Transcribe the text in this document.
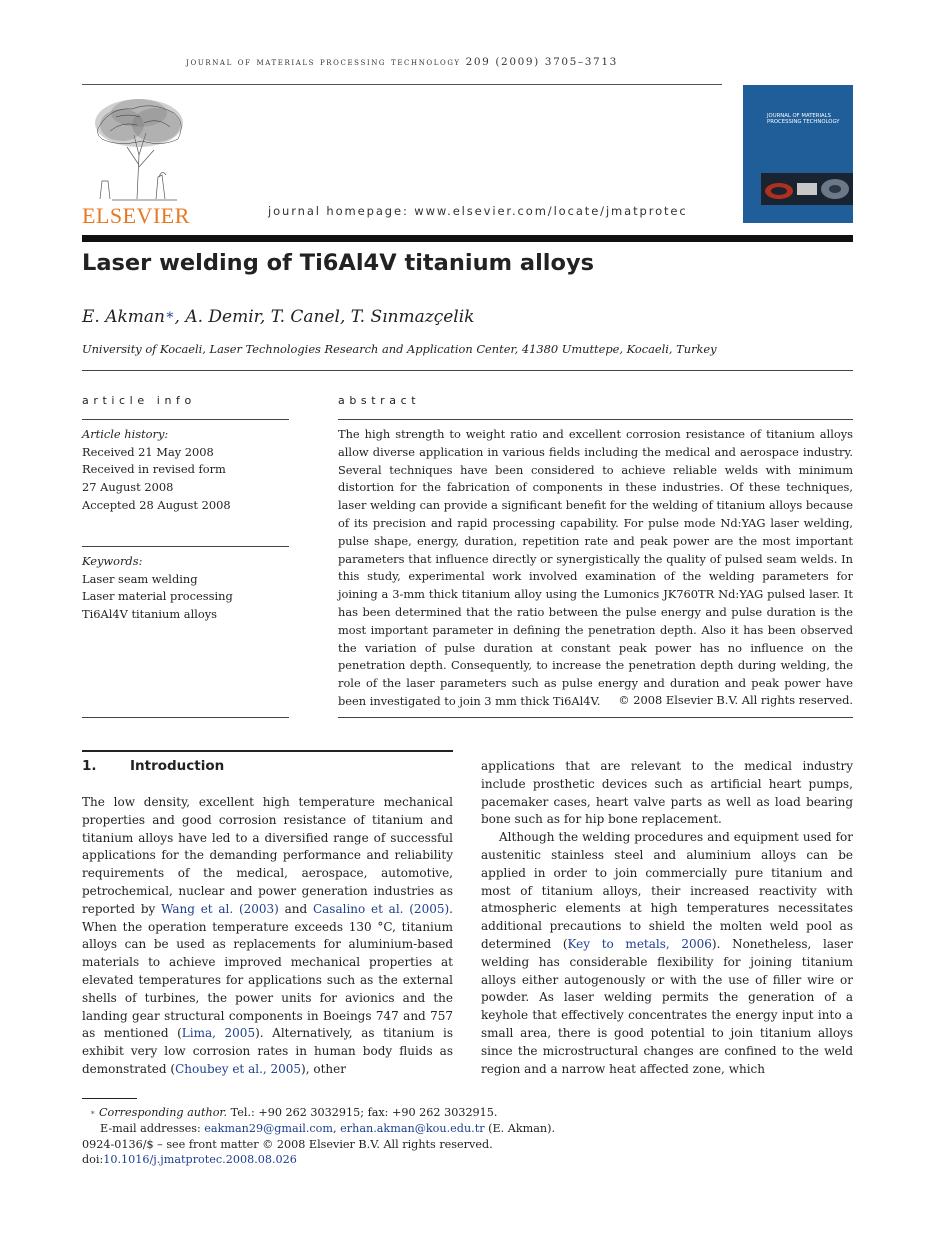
journal of materials processing technology 209 (2009) 3705–3713
ELSEVIER	journal homepage: www.elsevier.com/locate/jmatprotec
JOURNAL OF MATERIALS PROCESSING TECHNOLOGY
Laser welding of Ti6Al4V titanium alloys
E. Akman∗, A. Demir, T. Canel, T. Sınmazçelik
University of Kocaeli, Laser Technologies Research and Application Center, 41380 Umuttepe, Kocaeli, Turkey
article info
Article history:
Received 21 May 2008
Received in revised form
27 August 2008
Accepted 28 August 2008
Keywords:
Laser seam welding
Laser material processing
Ti6Al4V titanium alloys
abstract
The high strength to weight ratio and excellent corrosion resistance of titanium alloys allow diverse application in various fields including the medical and aerospace industry. Several techniques have been considered to achieve reliable welds with minimum distortion for the fabrication of components in these industries. Of these techniques, laser welding can provide a significant benefit for the welding of titanium alloys because of its precision and rapid processing capability. For pulse mode Nd:YAG laser welding, pulse shape, energy, duration, repetition rate and peak power are the most important parameters that influence directly or synergistically the quality of pulsed seam welds. In this study, experimental work involved examination of the welding parameters for joining a 3-mm thick titanium alloy using the Lumonics JK760TR Nd:YAG pulsed laser. It has been determined that the ratio between the pulse energy and pulse duration is the most important parameter in defining the penetration depth. Also it has been observed the variation of pulse duration at constant peak power has no influence on the penetration depth. Consequently, to increase the penetration depth during welding, the role of the laser parameters such as pulse energy and duration and peak power have been investigated to join 3 mm thick Ti6Al4V.	© 2008 Elsevier B.V. All rights reserved.
1. Introduction

The low density, excellent high temperature mechanical properties and good corrosion resistance of titanium and titanium alloys have led to a diversified range of successful applications for the demanding performance and reliability requirements of the medical, aerospace, automotive, petrochemical, nuclear and power generation industries as reported by Wang et al. (2003) and Casalino et al. (2005). When the operation temperature exceeds 130 °C, titanium alloys can be used as replacements for aluminium-based materials to achieve improved mechanical properties at elevated temperatures for applications such as the external shells of turbines, the power units for avionics and the landing gear structural components in Boeings 747 and 757 as mentioned (Lima, 2005). Alternatively, as titanium is exhibit very low corrosion rates in human body fluids as demonstrated (Choubey et al., 2005), other

applications that are relevant to the medical industry include prosthetic devices such as artificial heart pumps, pacemaker cases, heart valve parts as well as load bearing bone such as for hip bone replacement.

Although the welding procedures and equipment used for austenitic stainless steel and aluminium alloys can be applied in order to join commercially pure titanium and most of titanium alloys, their increased reactivity with atmospheric elements at high temperatures necessitates additional precautions to shield the molten weld pool as determined (Key to metals, 2006). Nonetheless, laser welding has considerable flexibility for joining titanium alloys either autogenously or with the use of filler wire or powder. As laser welding permits the generation of a keyhole that effectively concentrates the energy input into a small area, there is good potential to join titanium alloys since the microstructural changes are confined to the weld region and a narrow heat affected zone, which

∗ Corresponding author. Tel.: +90 262 3032915; fax: +90 262 3032915.
E-mail addresses: eakman29@gmail.com, erhan.akman@kou.edu.tr (E. Akman).
0924-0136/$ – see front matter © 2008 Elsevier B.V. All rights reserved.
doi:10.1016/j.jmatprotec.2008.08.026
